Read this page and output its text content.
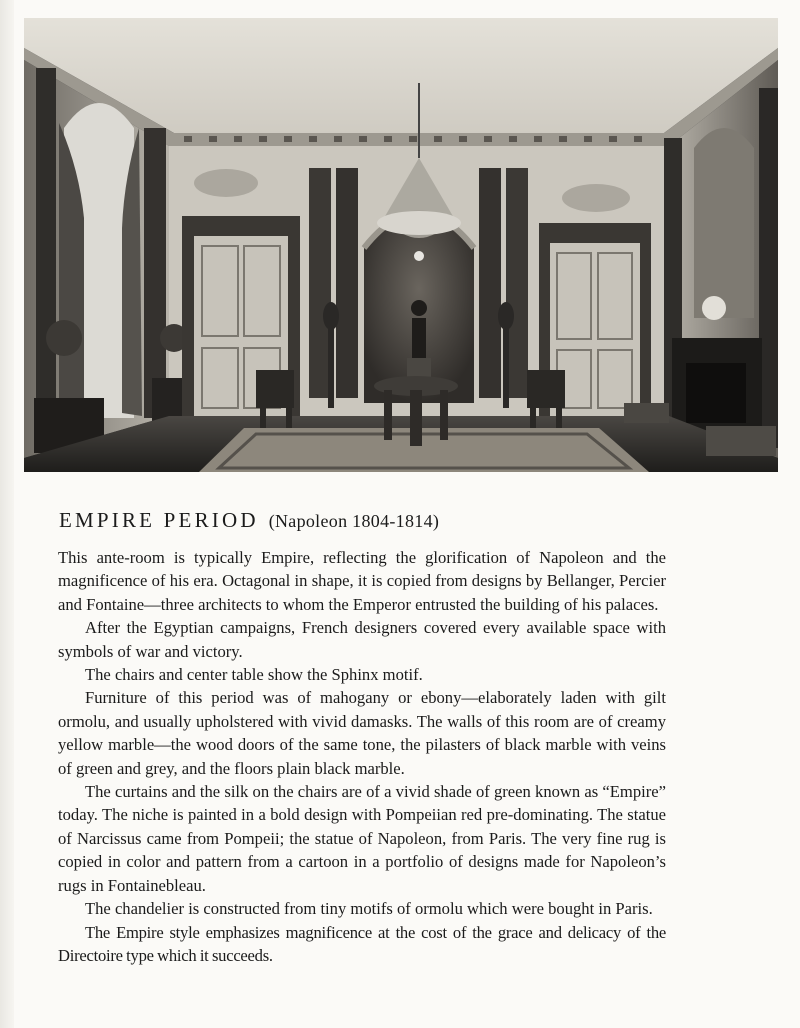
EMPIRE PERIOD (Napoleon 1804-1814)

This ante-room is typically Empire, reflecting the glorification of Napoleon and the magnificence of his era. Octagonal in shape, it is copied from designs by Bellanger, Percier and Fontaine—three architects to whom the Emperor entrusted the building of his palaces.

After the Egyptian campaigns, French designers covered every available space with symbols of war and victory.

The chairs and center table show the Sphinx motif.

Furniture of this period was of mahogany or ebony—elaborately laden with gilt ormolu, and usually upholstered with vivid damasks. The walls of this room are of creamy yellow marble—the wood doors of the same tone, the pilasters of black marble with veins of green and grey, and the floors plain black marble.

The curtains and the silk on the chairs are of a vivid shade of green known as “Empire” today. The niche is painted in a bold design with Pompeiian red pre-dominating. The statue of Narcissus came from Pompeii; the statue of Napoleon, from Paris. The very fine rug is copied in color and pattern from a cartoon in a portfolio of designs made for Napoleon’s rugs in Fontainebleau.

The chandelier is constructed from tiny motifs of ormolu which were bought in Paris.

The Empire style emphasizes magnificence at the cost of the grace and delicacy of the Directoire type which it succeeds.
